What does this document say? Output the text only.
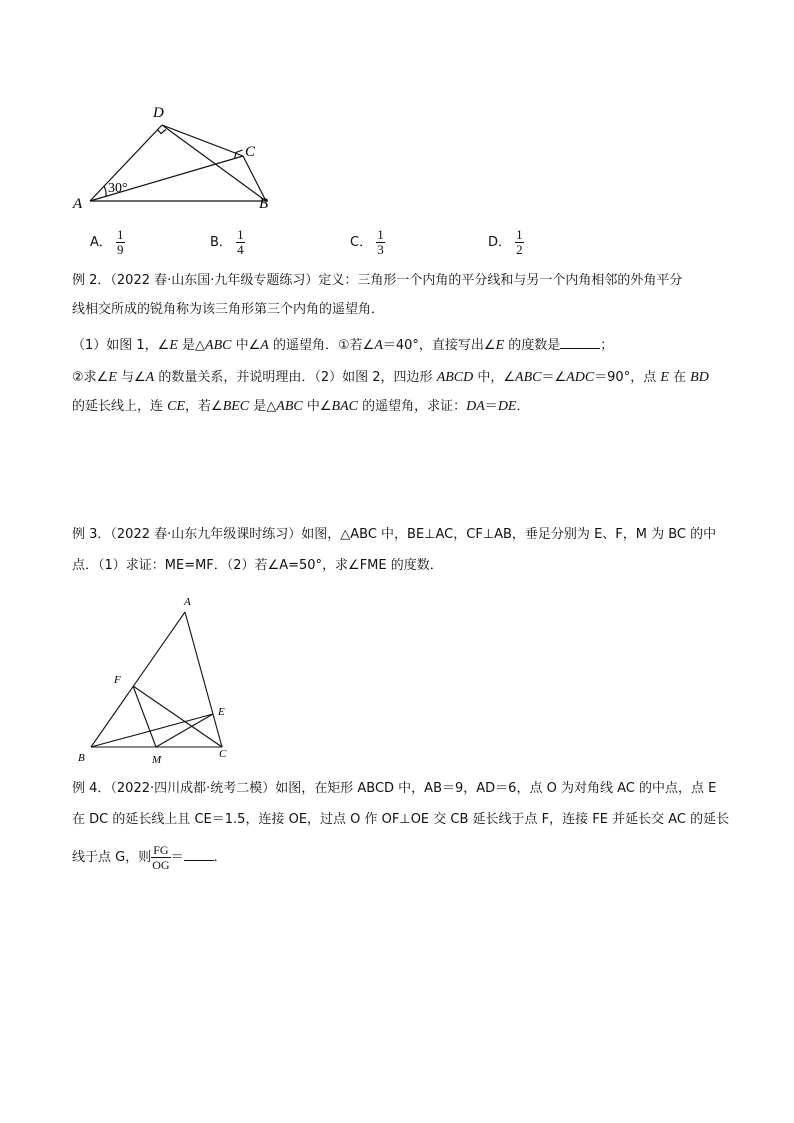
D
C
A	B
30°
A． $\frac{1}{9}$	B． $\frac{1}{4}$	C． $\frac{1}{3}$	D． $\frac{1}{2}$
例 2．（2022 春·山东国·九年级专题练习）定义：三角形一个内角的平分线和与另一个内角相邻的外角平分
线相交所成的锐角称为该三角形第三个内角的遥望角．
（1）如图 1，∠E 是△ABC 中∠A 的遥望角．①若∠A＝40°，直接写出∠E 的度数是	；
②求∠E 与∠A 的数量关系，并说明理由．（2）如图 2，四边形 ABCD 中，∠ABC＝∠ADC＝90°，点 E 在 BD
的延长线上，连 CE，若∠BEC 是△ABC 中∠BAC 的遥望角，求证：DA＝DE．
例 3．（2022 春·山东九年级课时练习）如图，△ABC 中，BE⊥AC，CF⊥AB，垂足分别为 E、F，M 为 BC 的中
点．（1）求证：ME=MF．（2）若∠A=50°，求∠FME 的度数．
A
F
E
B	M	C
例 4．（2022·四川成都·统考二模）如图，在矩形 ABCD 中，AB＝9，AD＝6，点 O 为对角线 AC 的中点，点 E
在 DC 的延长线上且 CE＝1.5，连接 OE，过点 O 作 OF⊥OE 交 CB 延长线于点 F，连接 FE 并延长交 AC 的延长
线于点 G，则 $\frac{FG}{OG}$ ＝ ．
